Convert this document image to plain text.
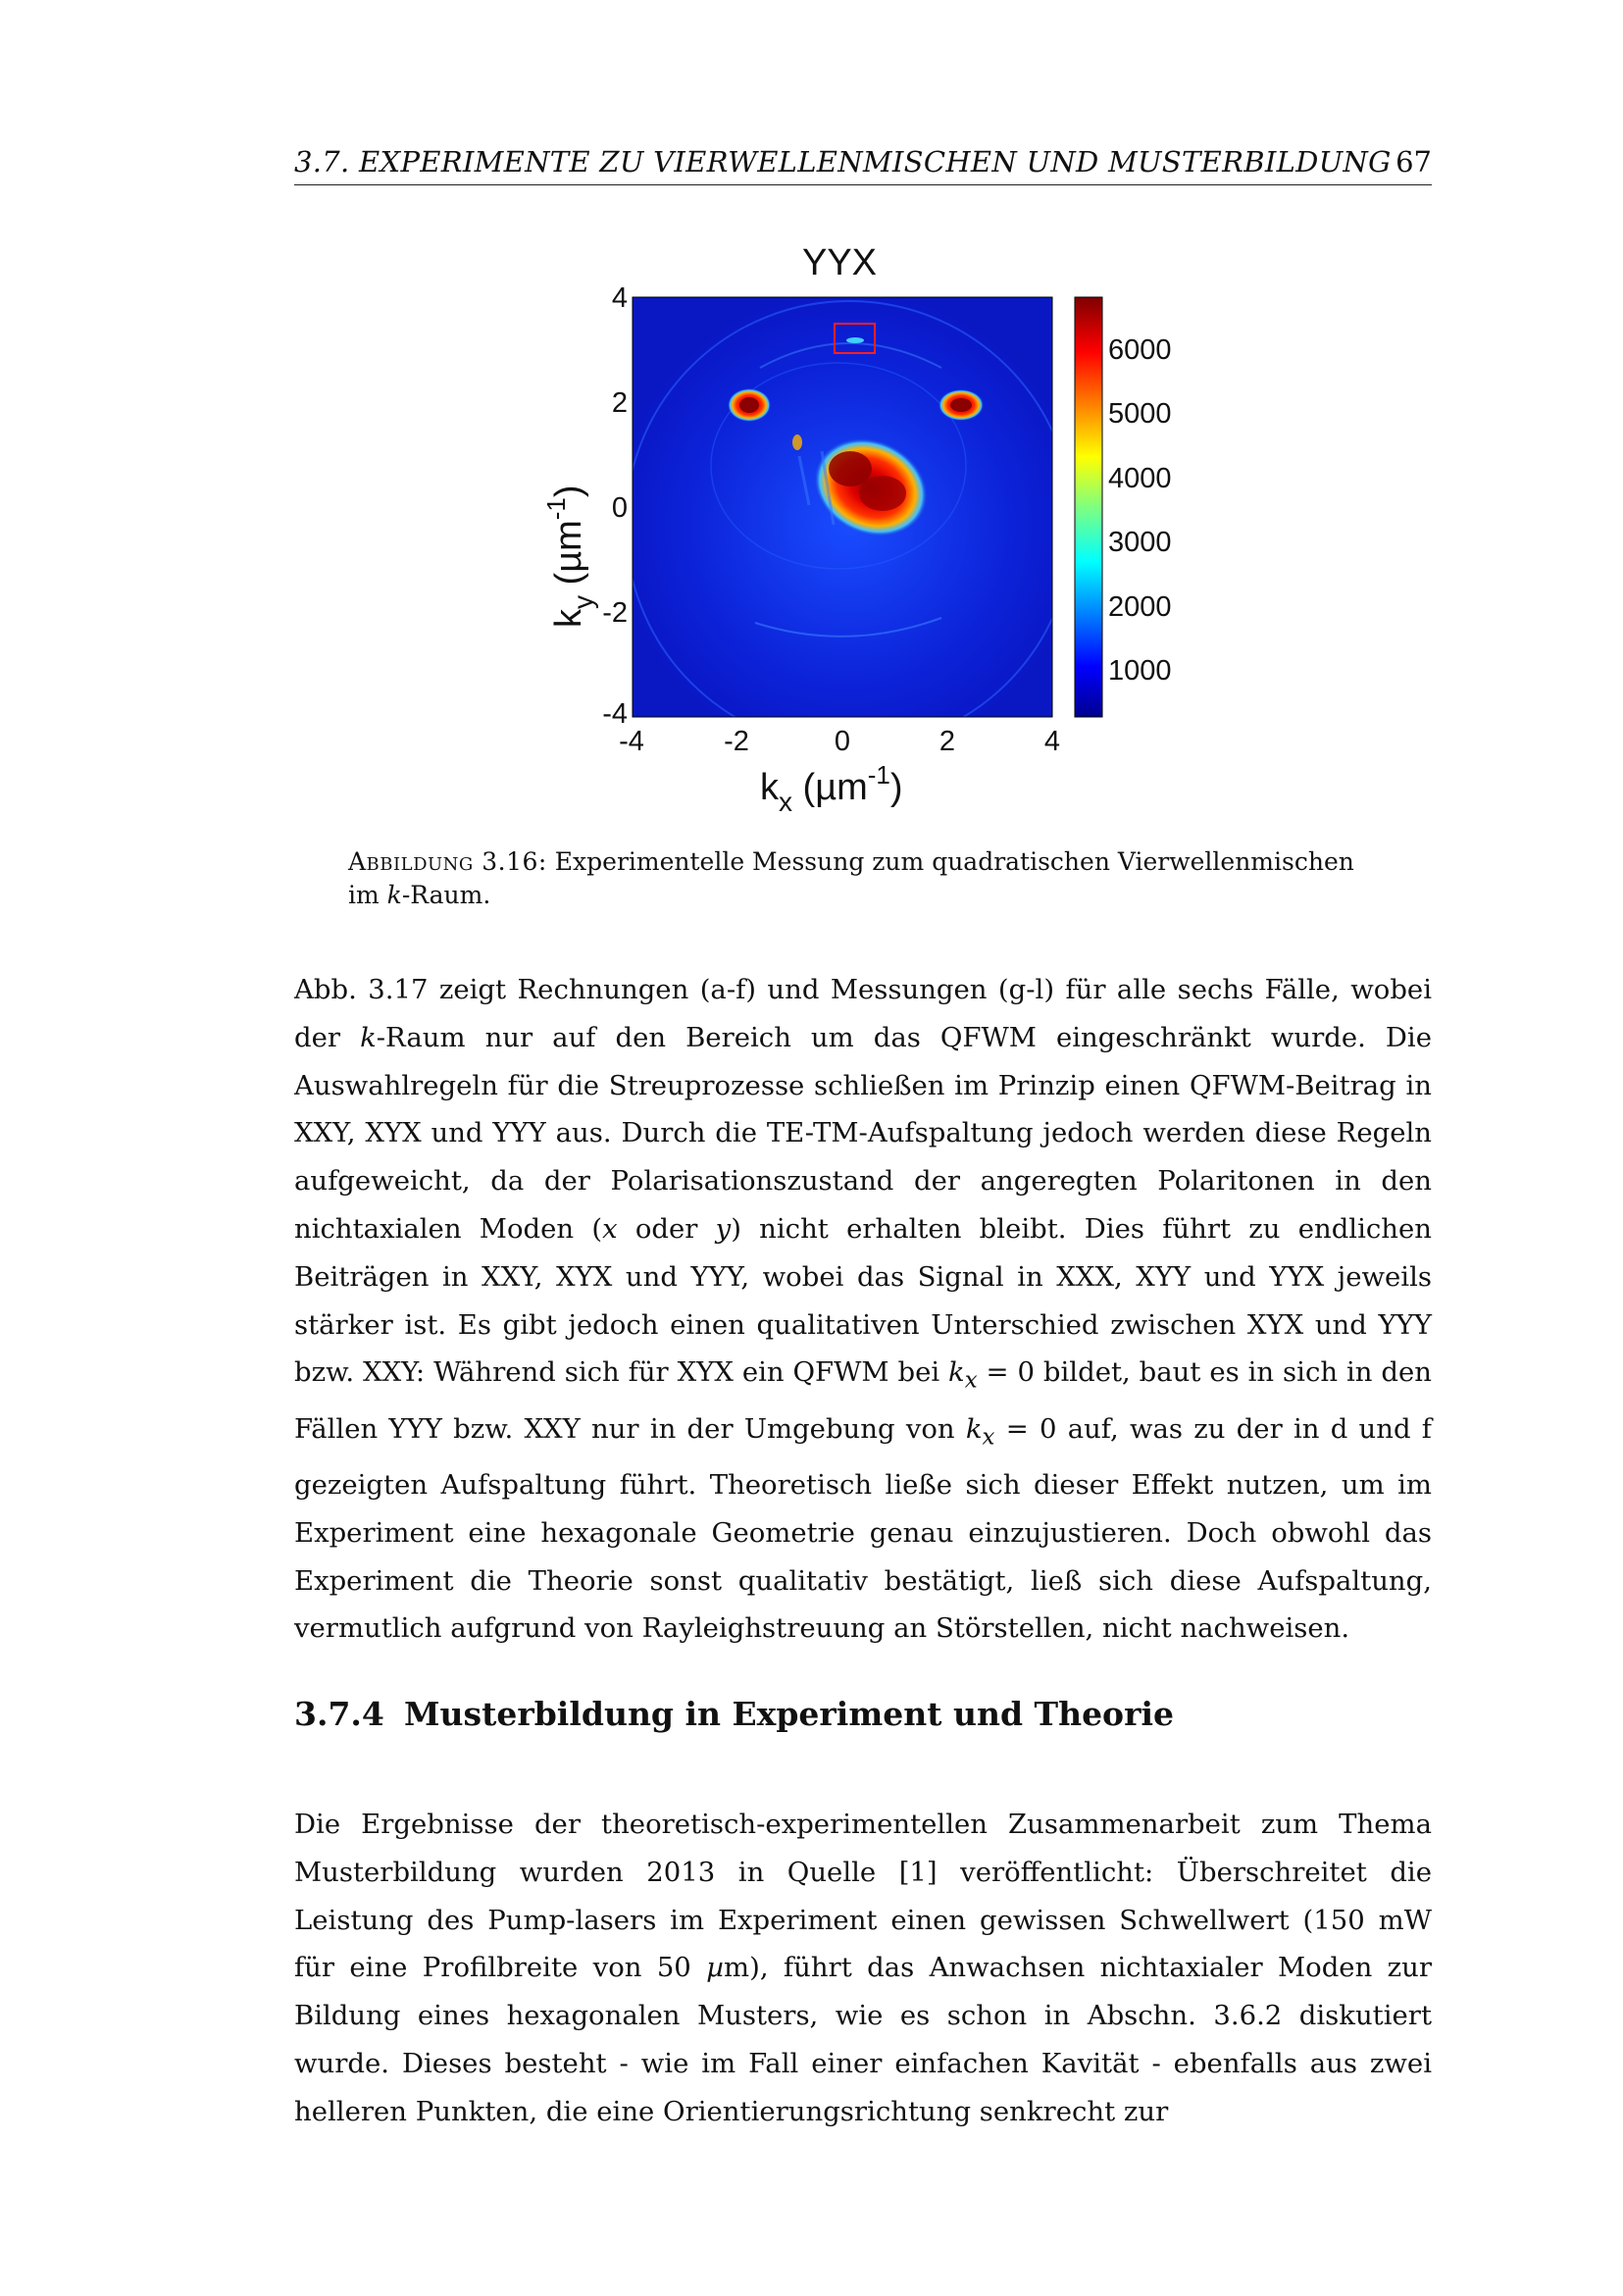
3.7. EXPERIMENTE ZU VIERWELLENMISCHEN UND MUSTERBILDUNG 67
YYX
4
2
0
-2
-4
-4	-2	0	2	4
$k_x$ (µm$^{-1}$)
$k_y$ (µm$^{-1}$)
6000
5000
4000
3000
2000
1000
Abbildung 3.16: Experimentelle Messung zum quadratischen Vierwellenmischen im k-Raum.
Abb. 3.17 zeigt Rechnungen (a-f) und Messungen (g-l) für alle sechs Fälle, wobei der k-Raum nur auf den Bereich um das QFWM eingeschränkt wurde. Die Auswahlregeln für die Streuprozesse schließen im Prinzip einen QFWM-Beitrag in XXY, XYX und YYY aus. Durch die TE-TM-Aufspaltung jedoch werden diese Regeln aufgeweicht, da der Polarisationszustand der angeregten Polaritonen in den nichtaxialen Moden (x oder y) nicht erhalten bleibt. Dies führt zu endlichen Beiträgen in XXY, XYX und YYY, wobei das Signal in XXX, XYY und YYX jeweils stärker ist. Es gibt jedoch einen qualitativen Unterschied zwischen XYX und YYY bzw. XXY: Während sich für XYX ein QFWM bei $k_x = 0$ bildet, baut es in sich in den Fällen YYY bzw. XXY nur in der Umgebung von $k_x = 0$ auf, was zu der in d und f gezeigten Aufspaltung führt. Theoretisch ließe sich dieser Effekt nutzen, um im Experiment eine hexagonale Geometrie genau einzujustieren. Doch obwohl das Experiment die Theorie sonst qualitativ bestätigt, ließ sich diese Aufspaltung, vermutlich aufgrund von Rayleighstreuung an Störstellen, nicht nachweisen.
3.7.4 Musterbildung in Experiment und Theorie
Die Ergebnisse der theoretisch-experimentellen Zusammenarbeit zum Thema Musterbildung wurden 2013 in Quelle [1] veröffentlicht: Überschreitet die Leistung des Pump-lasers im Experiment einen gewissen Schwellwert (150 mW für eine Profilbreite von 50 µm), führt das Anwachsen nichtaxialer Moden zur Bildung eines hexagonalen Musters, wie es schon in Abschn. 3.6.2 diskutiert wurde. Dieses besteht - wie im Fall einer einfachen Kavität - ebenfalls aus zwei helleren Punkten, die eine Orientierungsrichtung senkrecht zur
